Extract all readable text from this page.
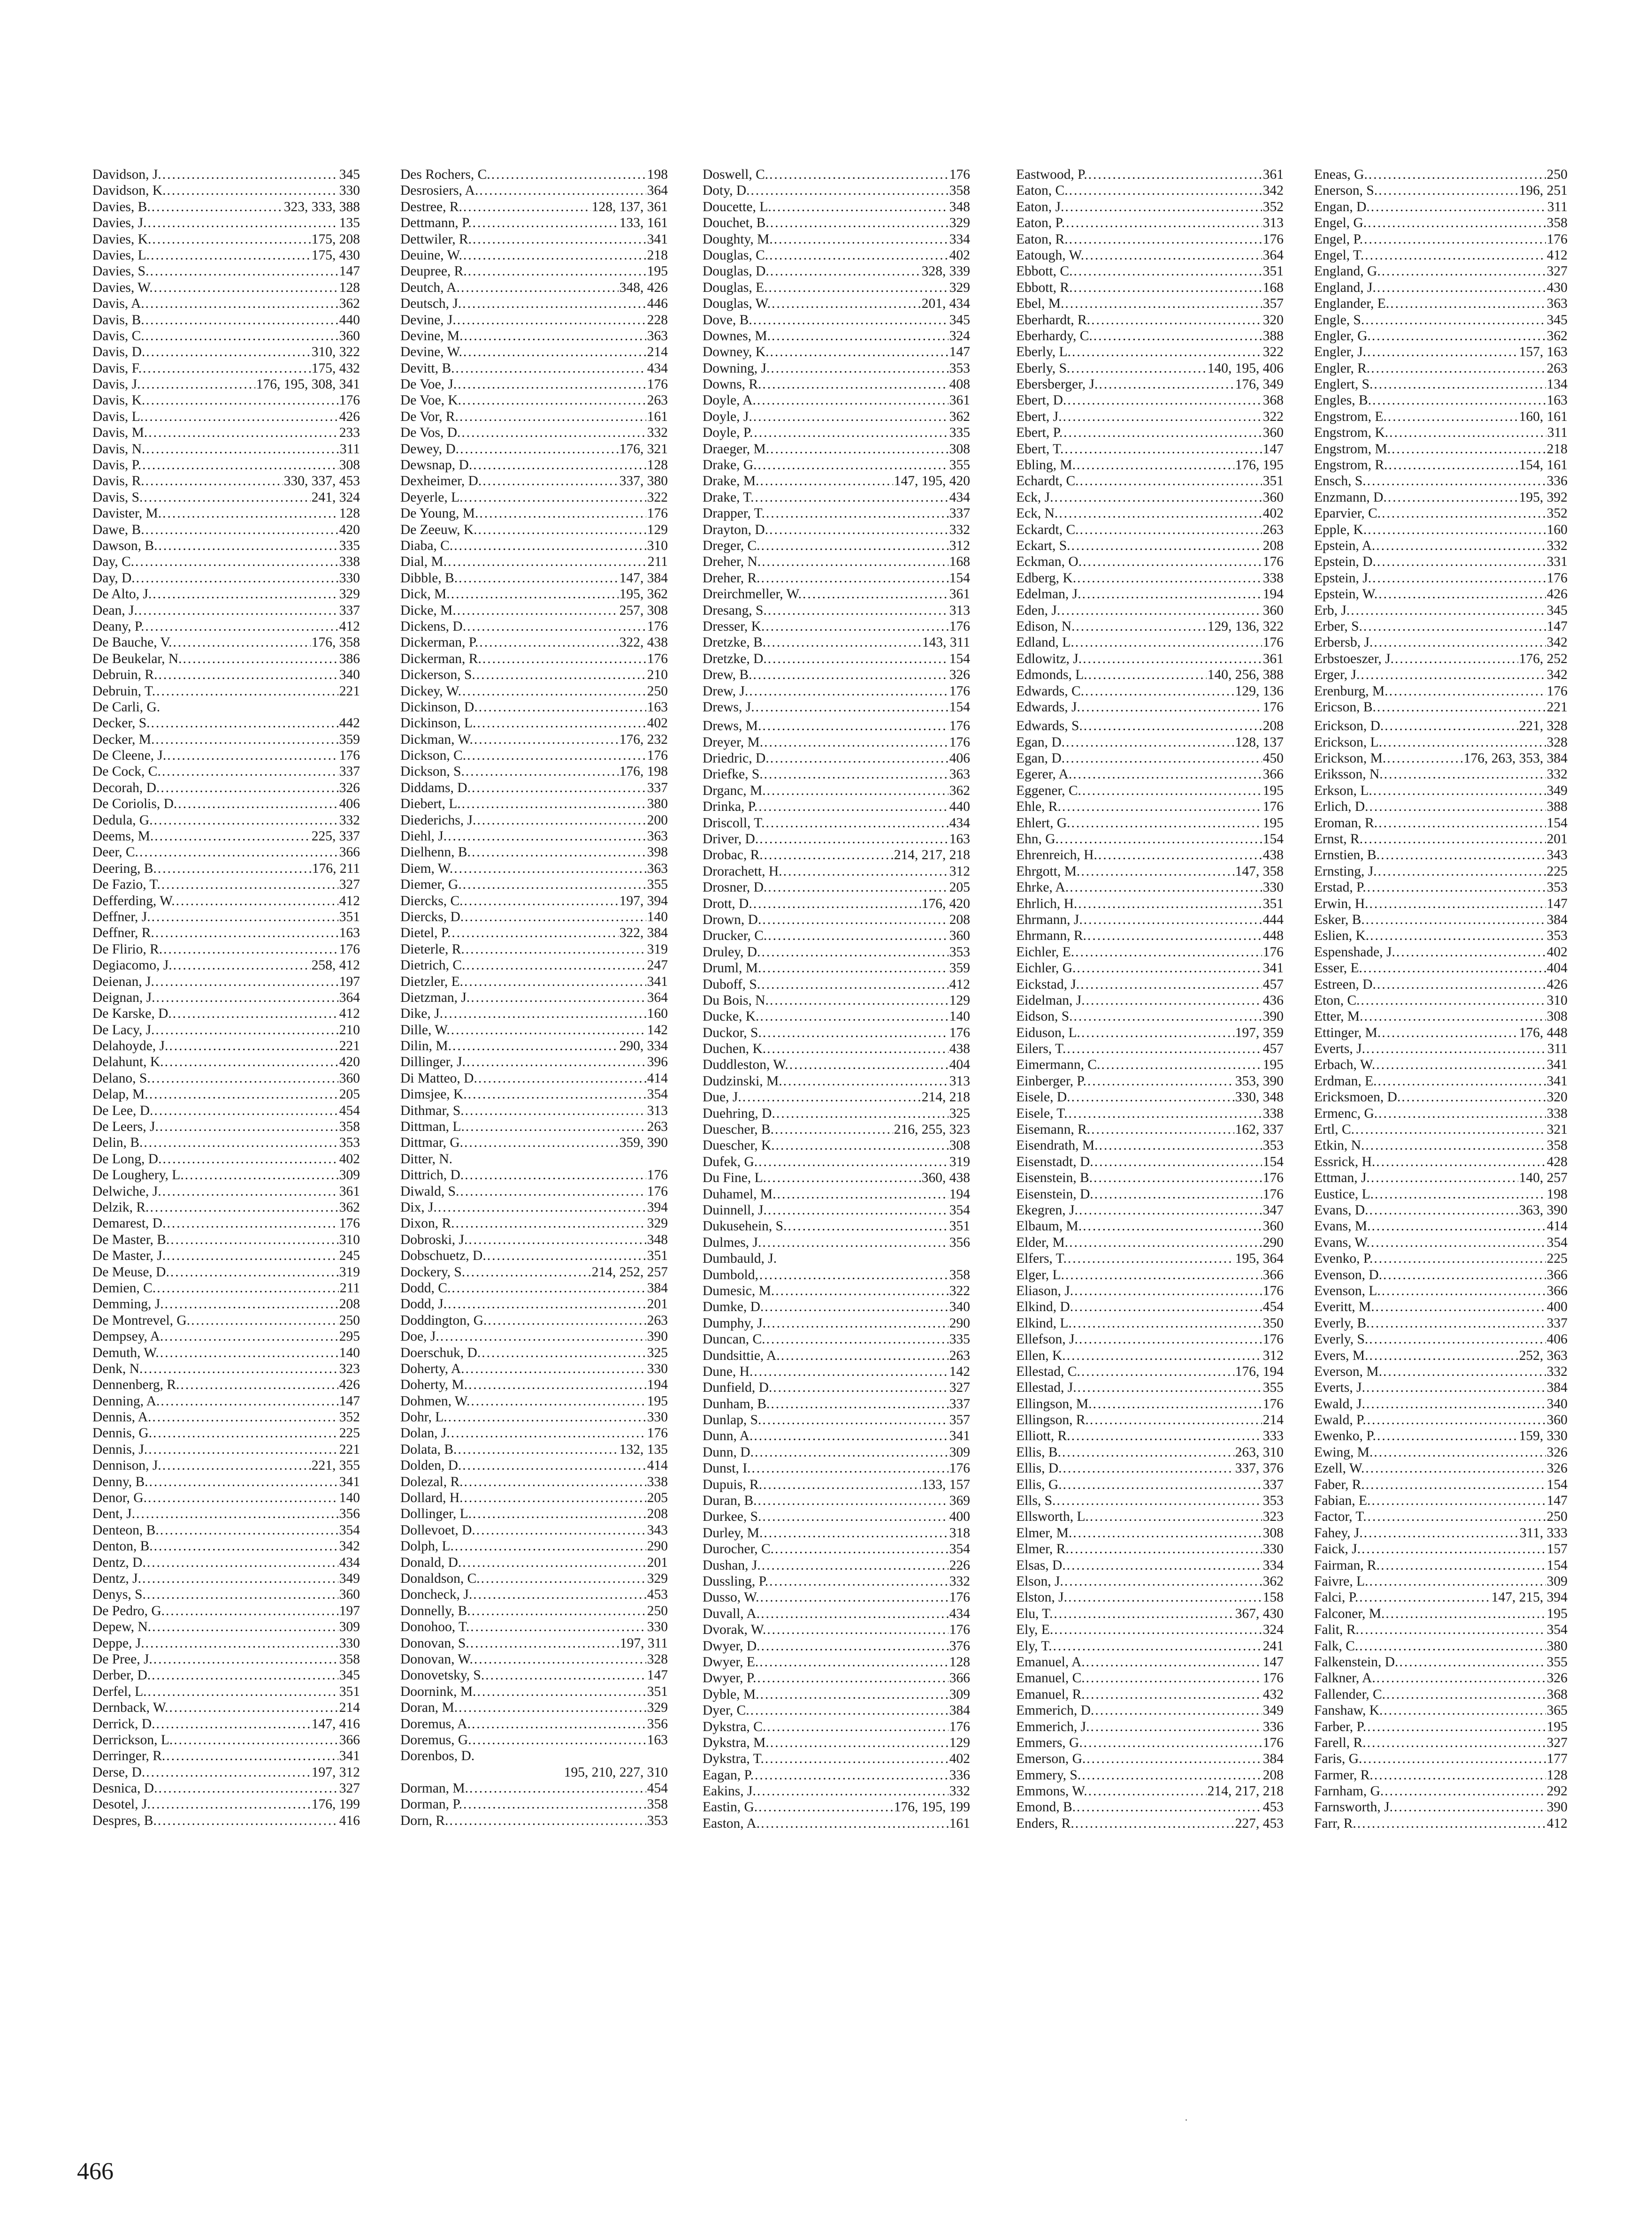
Davidson, J. .....	345
Davidson, K. .....	330
Davies, B. .....	323, 333, 388
Davies, J. .....	135
Davies, K. .....	175, 208
Davies, L. .....	175, 430
Davies, S. .....	147
Davies, W. .....	128
Davis, A. .....	362
Davis, B. .....	440
Davis, C. .....	360
Davis, D. .....	310, 322
Davis, F. .....	175, 432
Davis, J. .....	176, 195, 308, 341
Davis, K. .....	176
Davis, L. .....	426
Davis, M. .....	233
Davis, N. .....	311
Davis, P. .....	308
Davis, R. .....	330, 337, 453
Davis, S. .....	241, 324
Davister, M. .....	128
Dawe, B. .....	420
Dawson, B. .....	335
Day, C. .....	338
Day, D. .....	330
De Alto, J. .....	329
Dean, J. .....	337
Deany, P. .....	412
De Bauche, V. .....	176, 358
De Beukelar, N. .....	386
Debruin, R. .....	340
Debruin, T. .....	221
De Carli, G.
Decker, S. .....	442
Decker, M. .....	359
De Cleene, J. .....	176
De Cock, C. .....	337
Decorah, D. .....	326
De Coriolis, D. .....	406
Dedula, G. .....	332
Deems, M. .....	225, 337
Deer, C. .....	366
Deering, B. .....	176, 211
De Fazio, T. .....	327
Defferding, W. .....	412
Deffner, J. .....	351
Deffner, R. .....	163
De Flirio, R. .....	176
Degiacomo, J. .....	258, 412
Deienan, J. .....	197
Deignan, J. .....	364
De Karske, D. .....	412
De Lacy, J. .....	210
Delahoyde, J. .....	221
Delahunt, K. .....	420
Delano, S. .....	360
Delap, M. .....	205
De Lee, D. .....	454
De Leers, J. .....	358
Delin, B. .....	353
De Long, D. .....	402
De Loughery, L. .....	309
Delwiche, J. .....	361
Delzik, R. .....	362
Demarest, D. .....	176
De Master, B. .....	310
De Master, J. .....	245
De Meuse, D. .....	319
Demien, C. .....	211
Demming, J. .....	208
De Montrevel, G. .....	250
Dempsey, A. .....	295
Demuth, W. .....	140
Denk, N. .....	323
Dennenberg, R. .....	426
Denning, A. .....	147
Dennis, A. .....	352
Dennis, G. .....	225
Dennis, J. .....	221
Dennison, J. .....	221, 355
Denny, B. .....	341
Denor, G. .....	140
Dent, J. .....	356
Denteon, B. .....	354
Denton, B. .....	342
Dentz, D. .....	434
Dentz, J. .....	349
Denys, S. .....	360
De Pedro, G. .....	197
Depew, N. .....	309
Deppe, J. .....	330
De Pree, J. .....	358
Derber, D. .....	345
Derfel, L. .....	351
Dernback, W. .....	214
Derrick, D. .....	147, 416
Derrickson, L. .....	366
Derringer, R. .....	341
Derse, D. .....	197, 312
Desnica, D. .....	327
Desotel, J. .....	176, 199
Despres, B. .....	416
Des Rochers, C. .....	198
Desrosiers, A. .....	364
Destree, R. .....	128, 137, 361
Dettmann, P. .....	133, 161
Dettwiler, R. .....	341
Deuine, W. .....	218
Deupree, R. .....	195
Deutch, A. .....	348, 426
Deutsch, J. .....	446
Devine, J. .....	228
Devine, M. .....	363
Devine, W. .....	214
Devitt, B. .....	434
De Voe, J. .....	176
De Voe, K. .....	263
De Vor, R. .....	161
De Vos, D. .....	332
Dewey, D. .....	176, 321
Dewsnap, D. .....	128
Dexheimer, D. .....	337, 380
Deyerle, L. .....	322
De Young, M. .....	176
De Zeeuw, K. .....	129
Diaba, C. .....	310
Dial, M. .....	211
Dibble, B. .....	147, 384
Dick, M. .....	195, 362
Dicke, M. .....	257, 308
Dickens, D. .....	176
Dickerman, P. .....	322, 438
Dickerman, R. .....	176
Dickerson, S. .....	210
Dickey, W. .....	250
Dickinson, D. .....	163
Dickinson, L. .....	402
Dickman, W. .....	176, 232
Dickson, C. .....	176
Dickson, S. .....	176, 198
Diddams, D. .....	337
Diebert, L. .....	380
Diederichs, J. .....	200
Diehl, J. .....	363
Dielhenn, B. .....	398
Diem, W. .....	363
Diemer, G. .....	355
Diercks, C. .....	197, 394
Diercks, D. .....	140
Dietel, P. .....	322, 384
Dieterle, R. .....	319
Dietrich, C. .....	247
Dietzler, E. .....	341
Dietzman, J. .....	364
Dike, J. .....	160
Dille, W. .....	142
Dilin, M. .....	290, 334
Dillinger, J. .....	396
Di Matteo, D. .....	414
Dimsjee, K. .....	354
Dithmar, S. .....	313
Dittman, L. .....	263
Dittmar, G. .....	359, 390
Ditter, N.
Dittrich, D. .....	176
Diwald, S. .....	176
Dix, J. .....	394
Dixon, R. .....	329
Dobroski, J. .....	348
Dobschuetz, D. .....	351
Dockery, S. .....	214, 252, 257
Dodd, C. .....	384
Dodd, J. .....	201
Doddington, G. .....	263
Doe, J. .....	390
Doerschuk, D. .....	325
Doherty, A. .....	330
Doherty, M. .....	194
Dohmen, W. .....	195
Dohr, L. .....	330
Dolan, J. .....	176
Dolata, B. .....	132, 135
Dolden, D. .....	414
Dolezal, R. .....	338
Dollard, H. .....	205
Dollinger, L. .....	208
Dollevoet, D. .....	343
Dolph, L. .....	290
Donald, D. .....	201
Donaldson, C. .....	329
Doncheck, J. .....	453
Donnelly, B. .....	250
Donohoo, T. .....	330
Donovan, S. .....	197, 311
Donovan, W. .....	328
Donovetsky, S. .....	147
Doornink, M. .....	351
Doran, M. .....	329
Doremus, A. .....	356
Doremus, G. .....	163
Dorenbos, D.
195, 210, 227, 310
Dorman, M. .....	454
Dorman, P. .....	358
Dorn, R. .....	353
Doswell, C. .....	176
Doty, D. .....	358
Doucette, L. .....	348
Douchet, B. .....	329
Doughty, M. .....	334
Douglas, C. .....	402
Douglas, D. .....	328, 339
Douglas, E. .....	329
Douglas, W. .....	201, 434
Dove, B. .....	345
Downes, M. .....	324
Downey, K. .....	147
Downing, J. .....	353
Downs, R. .....	408
Doyle, A. .....	361
Doyle, J. .....	362
Doyle, P. .....	335
Draeger, M. .....	308
Drake, G. .....	355
Drake, M. .....	147, 195, 420
Drake, T. .....	434
Drapper, T. .....	337
Drayton, D. .....	332
Dreger, C. .....	312
Dreher, N. .....	168
Dreher, R. .....	154
Dreirchmeller, W. .....	361
Dresang, S. .....	313
Dresser, K. .....	176
Dretzke, B. .....	143, 311
Dretzke, D. .....	154
Drew, B. .....	326
Drew, J. .....	176
Drews, J. .....	154
Drews, M. .....	176
Dreyer, M. .....	176
Driedric, D. .....	406
Driefke, S. .....	363
Drganc, M. .....	362
Drinka, P. .....	440
Driscoll, T. .....	434
Driver, D. .....	163
Drobac, R. .....	214, 217, 218
Drorachett, H. .....	312
Drosner, D. .....	205
Drott, D. .....	176, 420
Drown, D. .....	208
Drucker, C. .....	360
Druley, D. .....	353
Druml, M. .....	359
Duboff, S. .....	412
Du Bois, N. .....	129
Ducke, K. .....	140
Duckor, S. .....	176
Duchen, K. .....	438
Duddleston, W. .....	404
Dudzinski, M. .....	313
Due, J. .....	214, 218
Duehring, D. .....	325
Duescher, B. .....	216, 255, 323
Duescher, K. .....	308
Dufek, G. .....	319
Du Fine, L. .....	360, 438
Duhamel, M. .....	194
Duinnell, J. .....	354
Dukusehein, S. .....	351
Dulmes, J. .....	356
Dumbauld, J.
Dumbold, .....	358
Dumesic, M. .....	322
Dumke, D. .....	340
Dumphy, J. .....	290
Duncan, C. .....	335
Dundsittie, A. .....	263
Dune, H. .....	142
Dunfield, D. .....	327
Dunham, B. .....	337
Dunlap, S. .....	357
Dunn, A. .....	341
Dunn, D. .....	309
Dunst, I. .....	176
Dupuis, R. .....	133, 157
Duran, B. .....	369
Durkee, S. .....	400
Durley, M. .....	318
Durocher, C. .....	354
Dushan, J. .....	226
Dussling, P. .....	332
Dusso, W. .....	176
Duvall, A. .....	434
Dvorak, W. .....	176
Dwyer, D. .....	376
Dwyer, E. .....	128
Dwyer, P. .....	366
Dyble, M. .....	309
Dyer, C. .....	384
Dykstra, C. .....	176
Dykstra, M. .....	129
Dykstra, T. .....	402
Eagan, P. .....	336
Eakins, J. .....	332
Eastin, G. .....	176, 195, 199
Easton, A. .....	161
Eastwood, P. .....	361
Eaton, C. .....	342
Eaton, J. .....	352
Eaton, P. .....	313
Eaton, R. .....	176
Eatough, W. .....	364
Ebbott, C. .....	351
Ebbott, R. .....	168
Ebel, M. .....	357
Eberhardt, R. .....	320
Eberhardy, C. .....	388
Eberly, L. .....	322
Eberly, S. .....	140, 195, 406
Ebersberger, J. .....	176, 349
Ebert, D. .....	368
Ebert, J. .....	322
Ebert, P. .....	360
Ebert, T. .....	147
Ebling, M. .....	176, 195
Echardt, C. .....	351
Eck, J. .....	360
Eck, N. .....	402
Eckardt, C. .....	263
Eckart, S. .....	208
Eckman, O. .....	176
Edberg, K. .....	338
Edelman, J. .....	194
Eden, J. .....	360
Edison, N. .....	129, 136, 322
Edland, L. .....	176
Edlowitz, J. .....	361
Edmonds, L. .....	140, 256, 388
Edwards, C. .....	129, 136
Edwards, J. .....	176
Edwards, S. .....	208
Egan, D. .....	128, 137
Egan, D. .....	450
Egerer, A. .....	366
Eggener, C. .....	195
Ehle, R. .....	176
Ehlert, G. .....	195
Ehn, G. .....	154
Ehrenreich, H. .....	438
Ehrgott, M. .....	147, 358
Ehrke, A. .....	330
Ehrlich, H. .....	351
Ehrmann, J. .....	444
Ehrmann, R. .....	448
Eichler, E. .....	176
Eichler, G. .....	341
Eickstad, J. .....	457
Eidelman, J. .....	436
Eidson, S. .....	390
Eiduson, L. .....	197, 359
Eilers, T. .....	457
Eimermann, C. .....	195
Einberger, P. .....	353, 390
Eisele, D. .....	330, 348
Eisele, T. .....	338
Eisemann, R. .....	162, 337
Eisendrath, M. .....	353
Eisenstadt, D. .....	154
Eisenstein, B. .....	176
Eisenstein, D. .....	176
Ekegren, J. .....	347
Elbaum, M. .....	360
Elder, M. .....	290
Elfers, T. .....	195, 364
Elger, L. .....	366
Eliason, J. .....	176
Elkind, D. .....	454
Elkind, L. .....	350
Ellefson, J. .....	176
Ellen, K. .....	312
Ellestad, C. .....	176, 194
Ellestad, J. .....	355
Ellingson, M. .....	176
Ellingson, R. .....	214
Elliott, R. .....	333
Ellis, B. .....	263, 310
Ellis, D. .....	337, 376
Ellis, G. .....	337
Ells, S. .....	353
Ellsworth, L. .....	323
Elmer, M. .....	308
Elmer, R. .....	330
Elsas, D. .....	334
Elson, J. .....	362
Elston, J. .....	158
Elu, T. .....	367, 430
Ely, E. .....	324
Ely, T. .....	241
Emanuel, A. .....	147
Emanuel, C. .....	176
Emanuel, R. .....	432
Emmerich, D. .....	349
Emmerich, J. .....	336
Emmers, G. .....	176
Emerson, G. .....	384
Emmery, S. .....	208
Emmons, W. .....	214, 217, 218
Emond, B. .....	453
Enders, R. .....	227, 453
Eneas, G. .....	250
Enerson, S. .....	196, 251
Engan, D. .....	311
Engel, G. .....	358
Engel, P. .....	176
Engel, T. .....	412
England, G. .....	327
England, J. .....	430
Englander, E. .....	363
Engle, S. .....	345
Engler, G. .....	362
Engler, J. .....	157, 163
Engler, R. .....	263
Englert, S. .....	134
Engles, B. .....	163
Engstrom, E. .....	160, 161
Engstrom, K. .....	311
Engstrom, M. .....	218
Engstrom, R. .....	154, 161
Ensch, S. .....	336
Enzmann, D. .....	195, 392
Eparvier, C. .....	352
Epple, K. .....	160
Epstein, A. .....	332
Epstein, D. .....	331
Epstein, J. .....	176
Epstein, W. .....	426
Erb, J. .....	345
Erber, S. .....	147
Erbersb, J. .....	342
Erbstoeszer, J. .....	176, 252
Erger, J. .....	342
Erenburg, M. .....	176
Ericson, B. .....	221
Erickson, D. .....	221, 328
Erickson, L. .....	328
Erickson, M. .....	176, 263, 353, 384
Eriksson, N. .....	332
Erkson, L. .....	349
Erlich, D. .....	388
Eroman, R. .....	154
Ernst, R. .....	201
Ernstien, B. .....	343
Ernsting, J. .....	225
Erstad, P. .....	353
Erwin, H. .....	147
Esker, B. .....	384
Eslien, K. .....	353
Espenshade, J. .....	402
Esser, E. .....	404
Estreen, D. .....	426
Eton, C. .....	310
Etter, M. .....	308
Ettinger, M. .....	176, 448
Everts, J. .....	311
Erbach, W. .....	341
Erdman, E. .....	341
Ericksmoen, D. .....	320
Ermenc, G. .....	338
Ertl, C. .....	321
Etkin, N. .....	358
Essrick, H. .....	428
Ettman, J. .....	140, 257
Eustice, L. .....	198
Evans, D. .....	363, 390
Evans, M. .....	414
Evans, W. .....	354
Evenko, P. .....	225
Evenson, D. .....	366
Evenson, L. .....	366
Everitt, M. .....	400
Everly, B. .....	337
Everly, S. .....	406
Evers, M. .....	252, 363
Everson, M. .....	332
Everts, J. .....	384
Ewald, J. .....	340
Ewald, P. .....	360
Ewenko, P. .....	159, 330
Ewing, M. .....	326
Ezell, W. .....	326
Faber, R. .....	154
Fabian, E. .....	147
Factor, T. .....	250
Fahey, J. .....	311, 333
Faick, J. .....	157
Fairman, R. .....	154
Faivre, L. .....	309
Falci, P. .....	147, 215, 394
Falconer, M. .....	195
Falit, R. .....	354
Falk, C. .....	380
Falkenstein, D. .....	355
Falkner, A. .....	326
Fallender, C. .....	368
Fanshaw, K. .....	365
Farber, P. .....	195
Farell, R. .....	327
Faris, G. .....	177
Farmer, R. .....	128
Farnham, G. .....	292
Farnsworth, J. .....	390
Farr, R. .....	412
.
466
